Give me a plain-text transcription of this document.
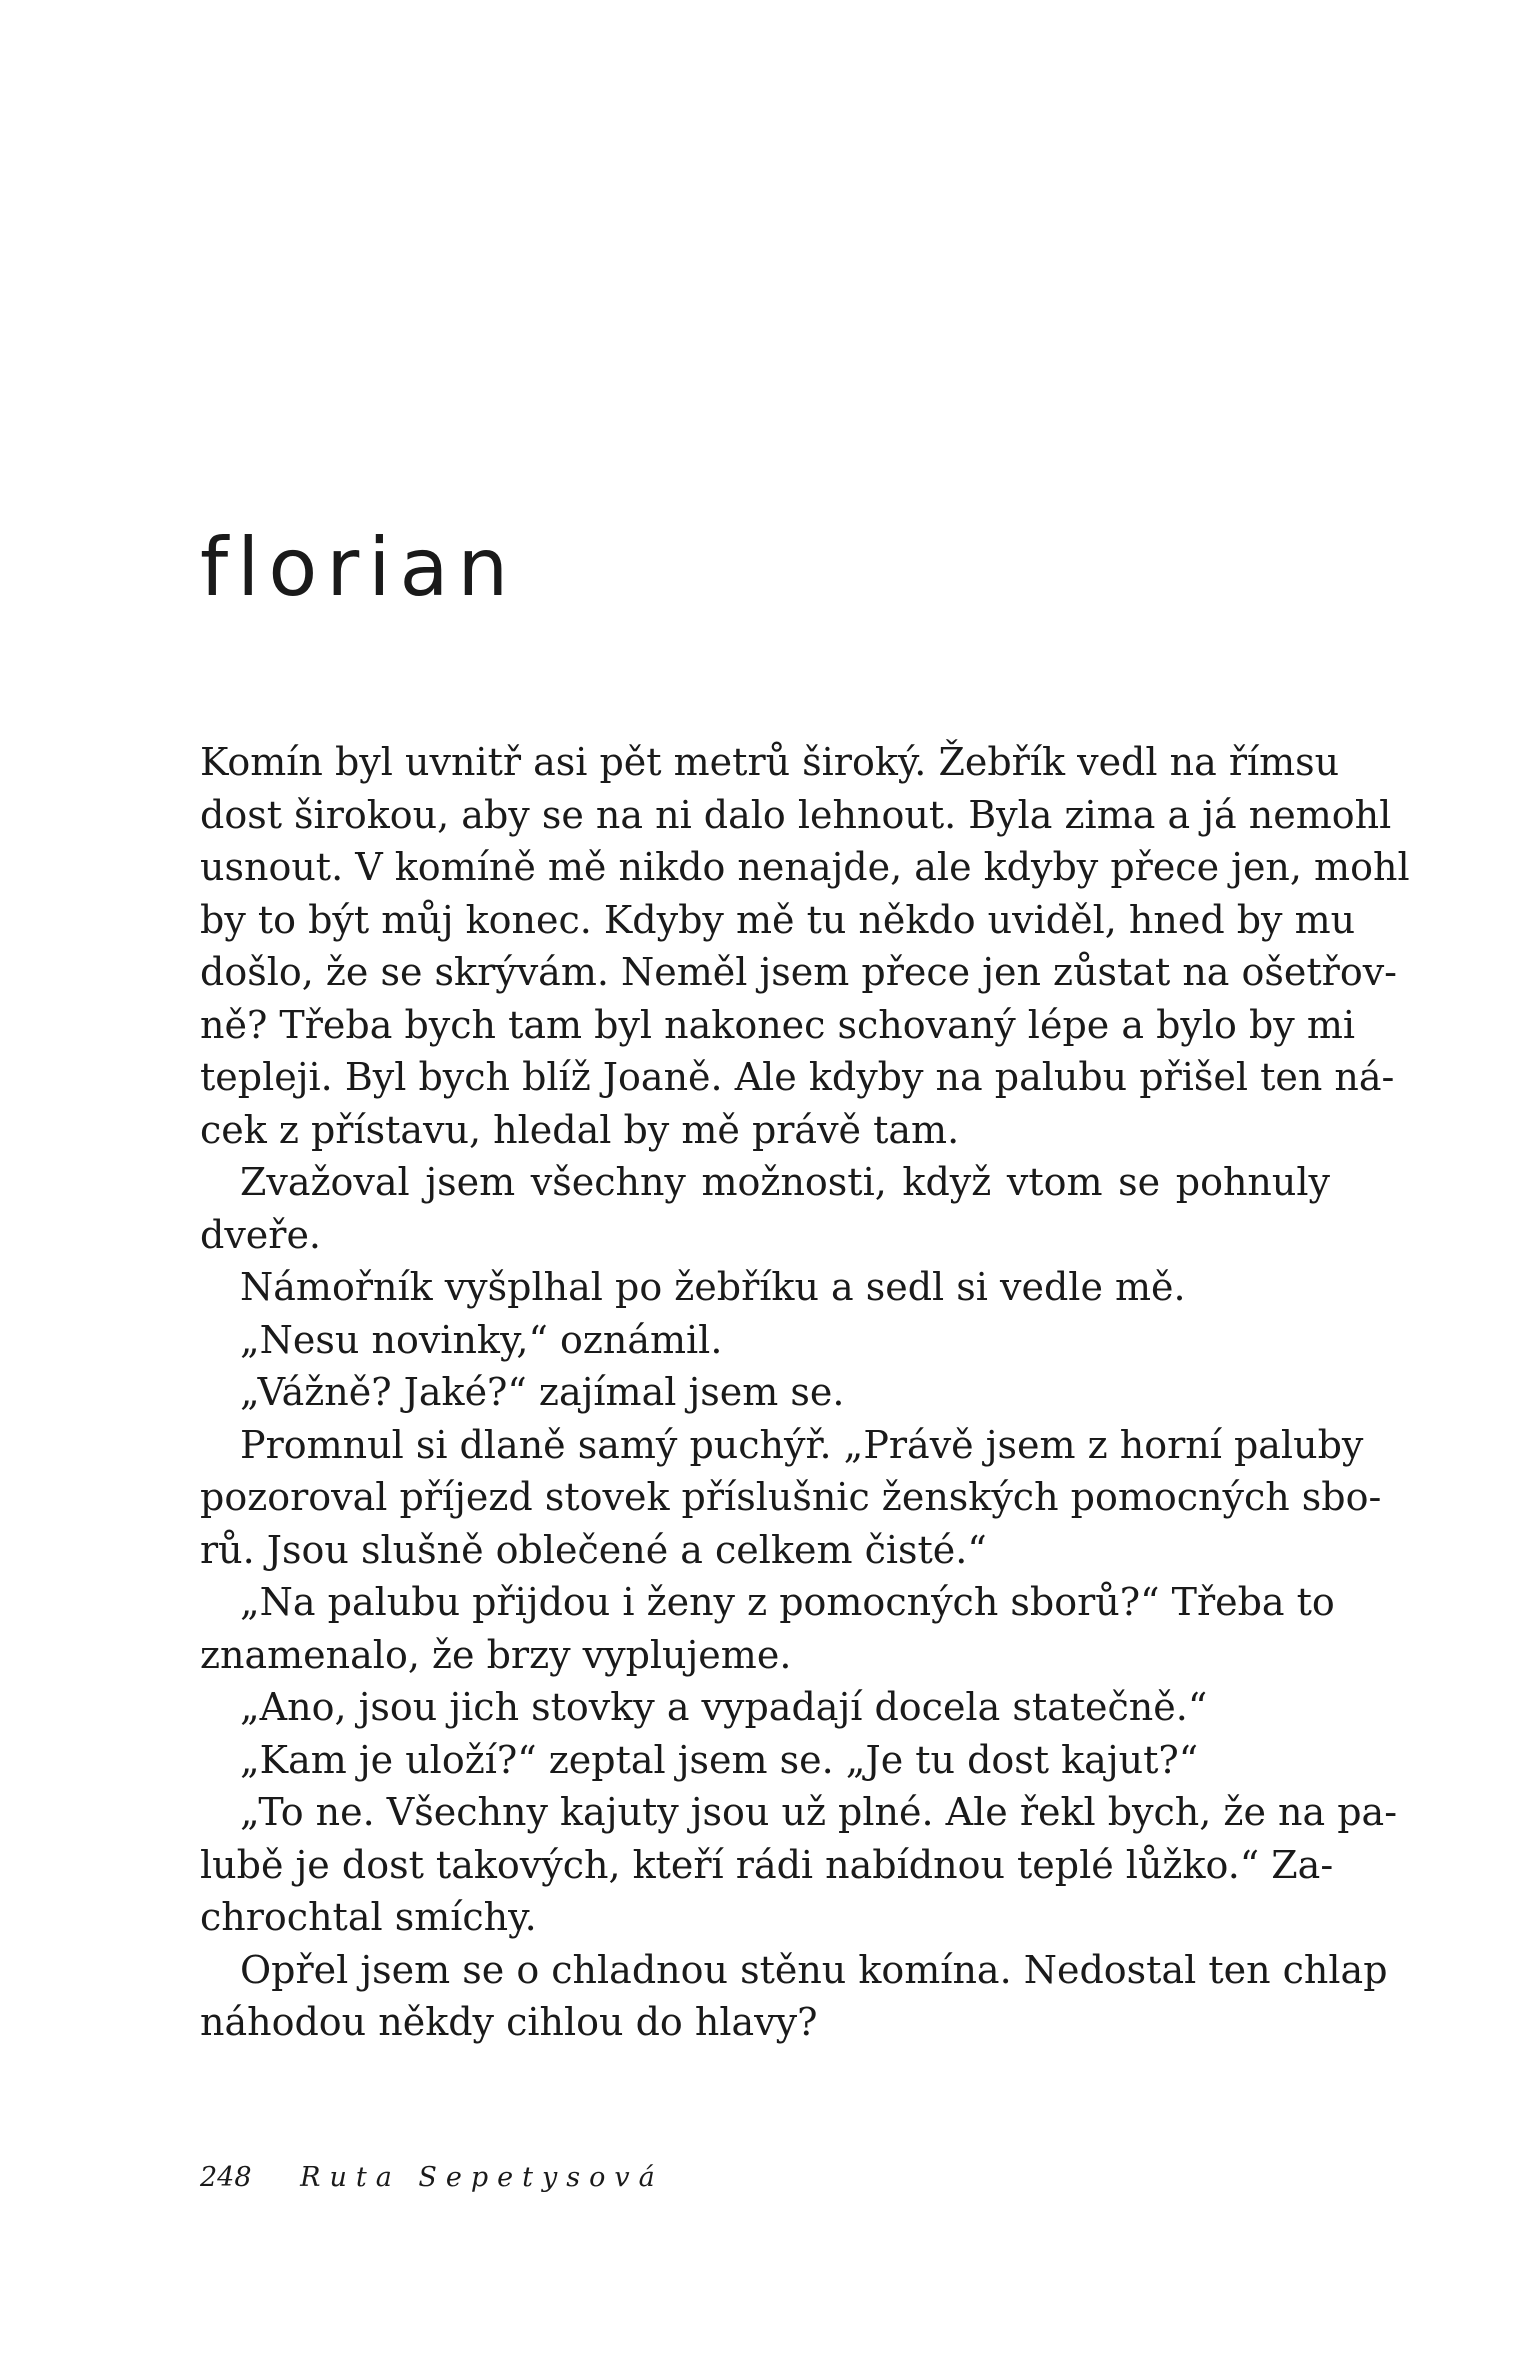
florian
Komín byl uvnitř asi pět metrů široký. Žebřík vedl na římsu
dost širokou, aby se na ni dalo lehnout. Byla zima a já nemohl
usnout. V komíně mě nikdo nenajde, ale kdyby přece jen, mohl
by to být můj konec. Kdyby mě tu někdo uviděl, hned by mu
došlo, že se skrývám. Neměl jsem přece jen zůstat na ošetřov-
ně? Třeba bych tam byl nakonec schovaný lépe a bylo by mi
tepleji. Byl bych blíž Joaně. Ale kdyby na palubu přišel ten ná-
cek z přístavu, hledal by mě právě tam.
Zvažoval jsem všechny možnosti, když vtom se pohnuly
dveře.
Námořník vyšplhal po žebříku a sedl si vedle mě.
„Nesu novinky,“ oznámil.
„Vážně? Jaké?“ zajímal jsem se.
Promnul si dlaně samý puchýř. „Právě jsem z horní paluby
pozoroval příjezd stovek příslušnic ženských pomocných sbo-
rů. Jsou slušně oblečené a celkem čisté.“
„Na palubu přijdou i ženy z pomocných sborů?“ Třeba to
znamenalo, že brzy vyplujeme.
„Ano, jsou jich stovky a vypadají docela statečně.“
„Kam je uloží?“ zeptal jsem se. „Je tu dost kajut?“
„To ne. Všechny kajuty jsou už plné. Ale řekl bych, že na pa-
lubě je dost takových, kteří rádi nabídnou teplé lůžko.“ Za-
chrochtal smíchy.
Opřel jsem se o chladnou stěnu komína. Nedostal ten chlap
náhodou někdy cihlou do hlavy?
248 Ruta Sepetysová
